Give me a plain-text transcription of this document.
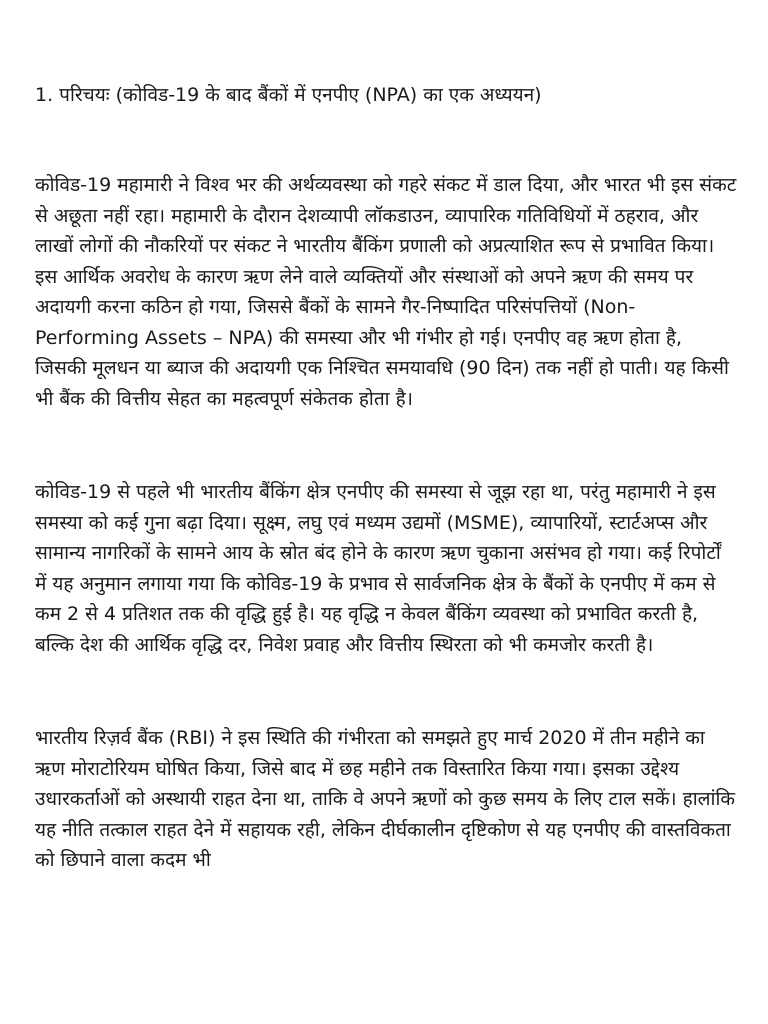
1. परिचयः (कोविड-19 के बाद बैंकों में एनपीए (NPA) का एक अध्ययन)

कोविड-19 महामारी ने विश्व भर की अर्थव्यवस्था को गहरे संकट में डाल दिया, और भारत भी इस संकट से अछूता नहीं रहा। महामारी के दौरान देशव्यापी लॉकडाउन, व्यापारिक गतिविधियों में ठहराव, और लाखों लोगों की नौकरियों पर संकट ने भारतीय बैंकिंग प्रणाली को अप्रत्याशित रूप से प्रभावित किया। इस आर्थिक अवरोध के कारण ऋण लेने वाले व्यक्तियों और संस्थाओं को अपने ऋण की समय पर अदायगी करना कठिन हो गया, जिससे बैंकों के सामने गैर-निष्पादित परिसंपत्तियों (Non-Performing Assets – NPA) की समस्या और भी गंभीर हो गई। एनपीए वह ऋण होता है, जिसकी मूलधन या ब्याज की अदायगी एक निश्चित समयावधि (90 दिन) तक नहीं हो पाती। यह किसी भी बैंक की वित्तीय सेहत का महत्वपूर्ण संकेतक होता है।

कोविड-19 से पहले भी भारतीय बैंकिंग क्षेत्र एनपीए की समस्या से जूझ रहा था, परंतु महामारी ने इस समस्या को कई गुना बढ़ा दिया। सूक्ष्म, लघु एवं मध्यम उद्यमों (MSME), व्यापारियों, स्टार्टअप्स और सामान्य नागरिकों के सामने आय के स्रोत बंद होने के कारण ऋण चुकाना असंभव हो गया। कई रिपोर्टों में यह अनुमान लगाया गया कि कोविड-19 के प्रभाव से सार्वजनिक क्षेत्र के बैंकों के एनपीए में कम से कम 2 से 4 प्रतिशत तक की वृद्धि हुई है। यह वृद्धि न केवल बैंकिंग व्यवस्था को प्रभावित करती है, बल्कि देश की आर्थिक वृद्धि दर, निवेश प्रवाह और वित्तीय स्थिरता को भी कमजोर करती है।

भारतीय रिज़र्व बैंक (RBI) ने इस स्थिति की गंभीरता को समझते हुए मार्च 2020 में तीन महीने का ऋण मोराटोरियम घोषित किया, जिसे बाद में छह महीने तक विस्तारित किया गया। इसका उद्देश्य उधारकर्ताओं को अस्थायी राहत देना था, ताकि वे अपने ऋणों को कुछ समय के लिए टाल सकें। हालांकि यह नीति तत्काल राहत देने में सहायक रही, लेकिन दीर्घकालीन दृष्टिकोण से यह एनपीए की वास्तविकता को छिपाने वाला कदम भी
